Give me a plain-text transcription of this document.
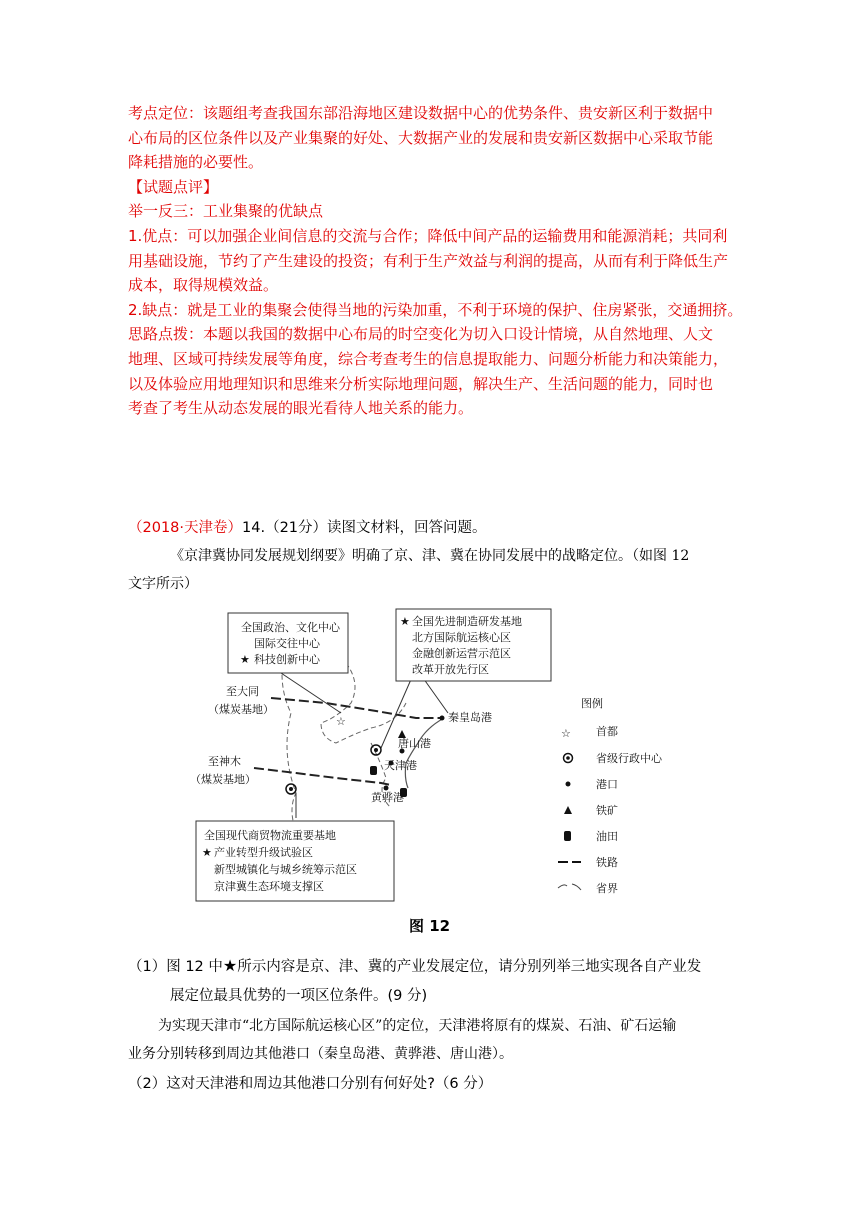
考点定位：该题组考查我国东部沿海地区建设数据中心的优势条件、贵安新区利于数据中
心布局的区位条件以及产业集聚的好处、大数据产业的发展和贵安新区数据中心采取节能
降耗措施的必要性。
【试题点评】
举一反三：工业集聚的优缺点
1.优点：可以加强企业间信息的交流与合作；降低中间产品的运输费用和能源消耗；共同利
用基础设施，节约了产生建设的投资；有利于生产效益与利润的提高，从而有利于降低生产
成本，取得规模效益。
2.缺点：就是工业的集聚会使得当地的污染加重，不利于环境的保护、住房紧张，交通拥挤。
思路点拨：本题以我国的数据中心布局的时空变化为切入口设计情境，从自然地理、人文
地理、区域可持续发展等角度，综合考查考生的信息提取能力、问题分析能力和决策能力，
以及体验应用地理知识和思维来分析实际地理问题，解决生产、生活问题的能力，同时也
考查了考生从动态发展的眼光看待人地关系的能力。
（2018·天津卷）14.（21分）读图文材料，回答问题。
《京津冀协同发展规划纲要》明确了京、津、冀在协同发展中的战略定位。（如图 12
文字所示）
全国政治、文化中心
国际交往中心
★ 科技创新中心
★ 全国先进制造研发基地
北方国际航运核心区
金融创新运营示范区
改革开放先行区
全国现代商贸物流重要基地
★ 产业转型升级试验区
新型城镇化与城乡统筹示范区
京津冀生态环境支撑区
至大同
（煤炭基地）
至神木
（煤炭基地）
☆	秦皇岛港
唐山港
天津港
黄骅港
图例
☆ 首都
省级行政中心
港口
铁矿
油田
铁路
省界
图 12
（1）图 12 中★所示内容是京、津、冀的产业发展定位，请分别列举三地实现各自产业发
展定位最具优势的一项区位条件。(9 分)
为实现天津市“北方国际航运核心区”的定位，天津港将原有的煤炭、石油、矿石运输
业务分别转移到周边其他港口（秦皇岛港、黄骅港、唐山港）。
（2）这对天津港和周边其他港口分别有何好处?（6 分）
